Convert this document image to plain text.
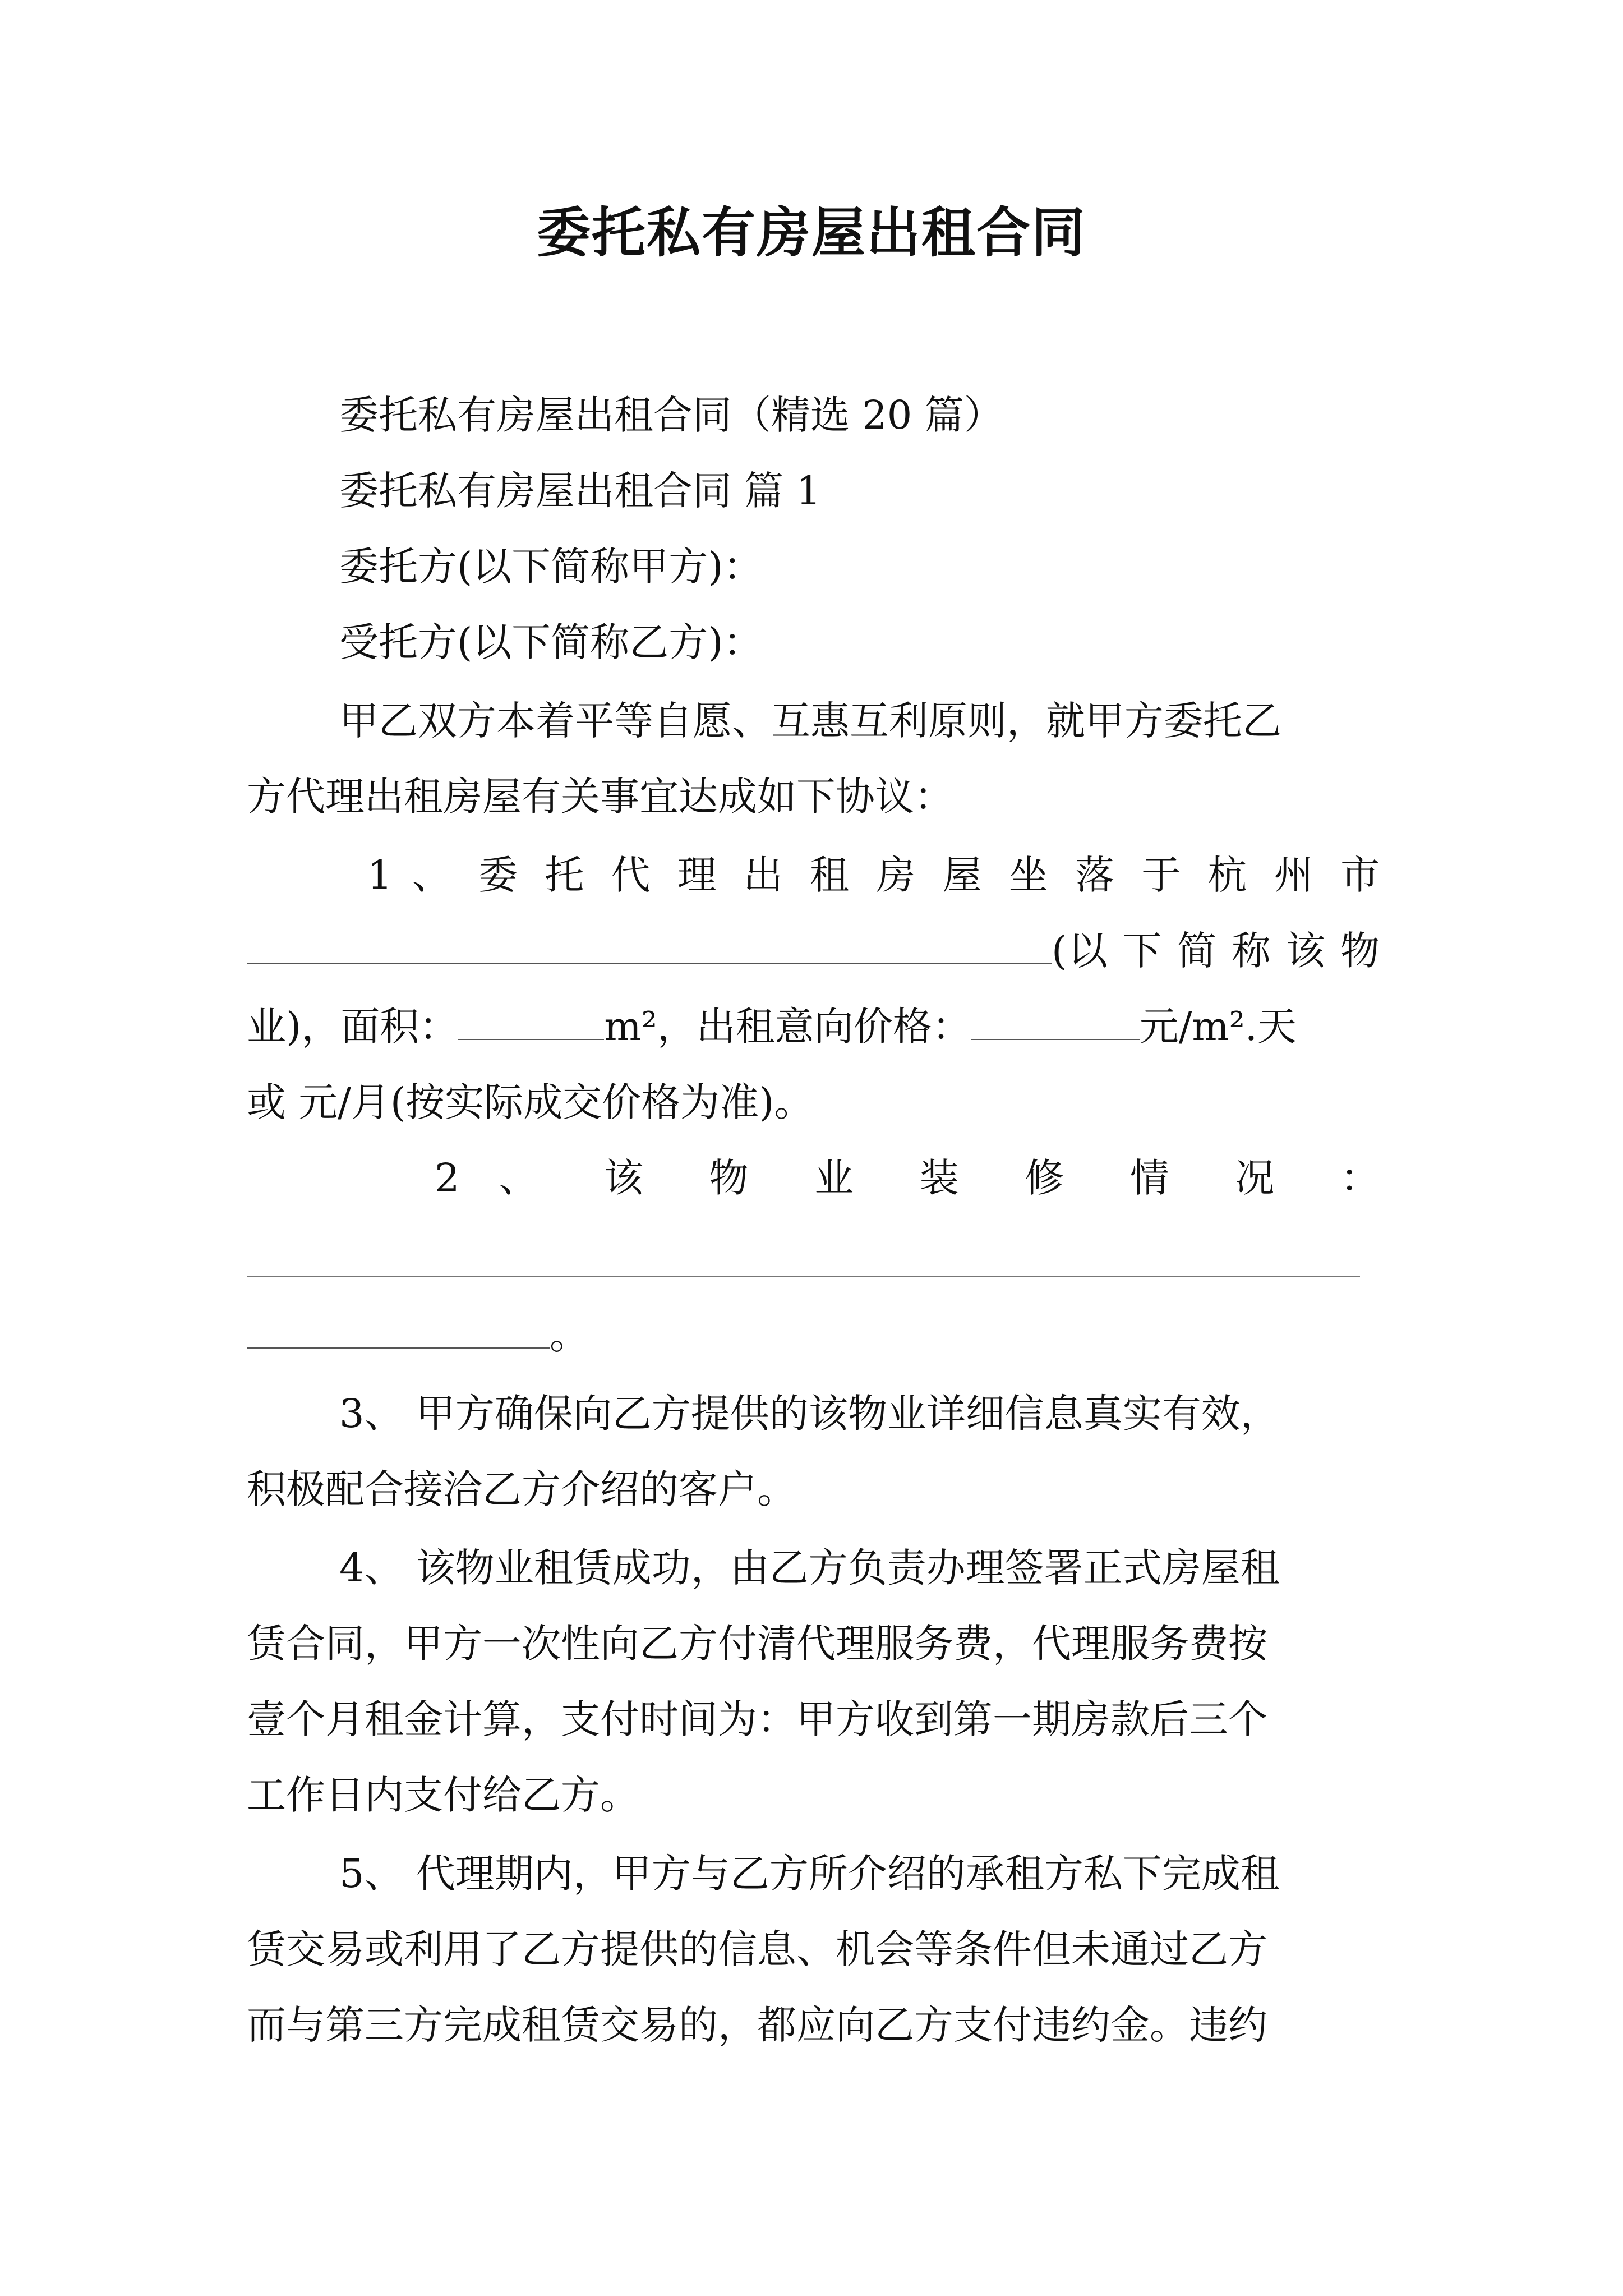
委托私有房屋出租合同
委托私有房屋出租合同（精选 20 篇）
委托私有房屋出租合同 篇 1
委托方(以下简称甲方)：
受托方(以下简称乙方)：
甲乙双方本着平等自愿、互惠互利原则，就甲方委托乙
方代理出租房屋有关事宜达成如下协议：
1 、 委 托 代 理 出 租 房 屋 坐 落 于 杭 州 市
(以 下 简 称 该 物
业)，面积：	m²，出租意向价格：	元/m².天
或 元/月(按实际成交价格为准)。
2 、 该 物 业 装 修 情 况 ：
。
3、 甲方确保向乙方提供的该物业详细信息真实有效，
积极配合接洽乙方介绍的客户。
4、 该物业租赁成功，由乙方负责办理签署正式房屋租
赁合同，甲方一次性向乙方付清代理服务费，代理服务费按
壹个月租金计算，支付时间为：甲方收到第一期房款后三个
工作日内支付给乙方。
5、 代理期内，甲方与乙方所介绍的承租方私下完成租
赁交易或利用了乙方提供的信息、机会等条件但未通过乙方
而与第三方完成租赁交易的，都应向乙方支付违约金。违约
